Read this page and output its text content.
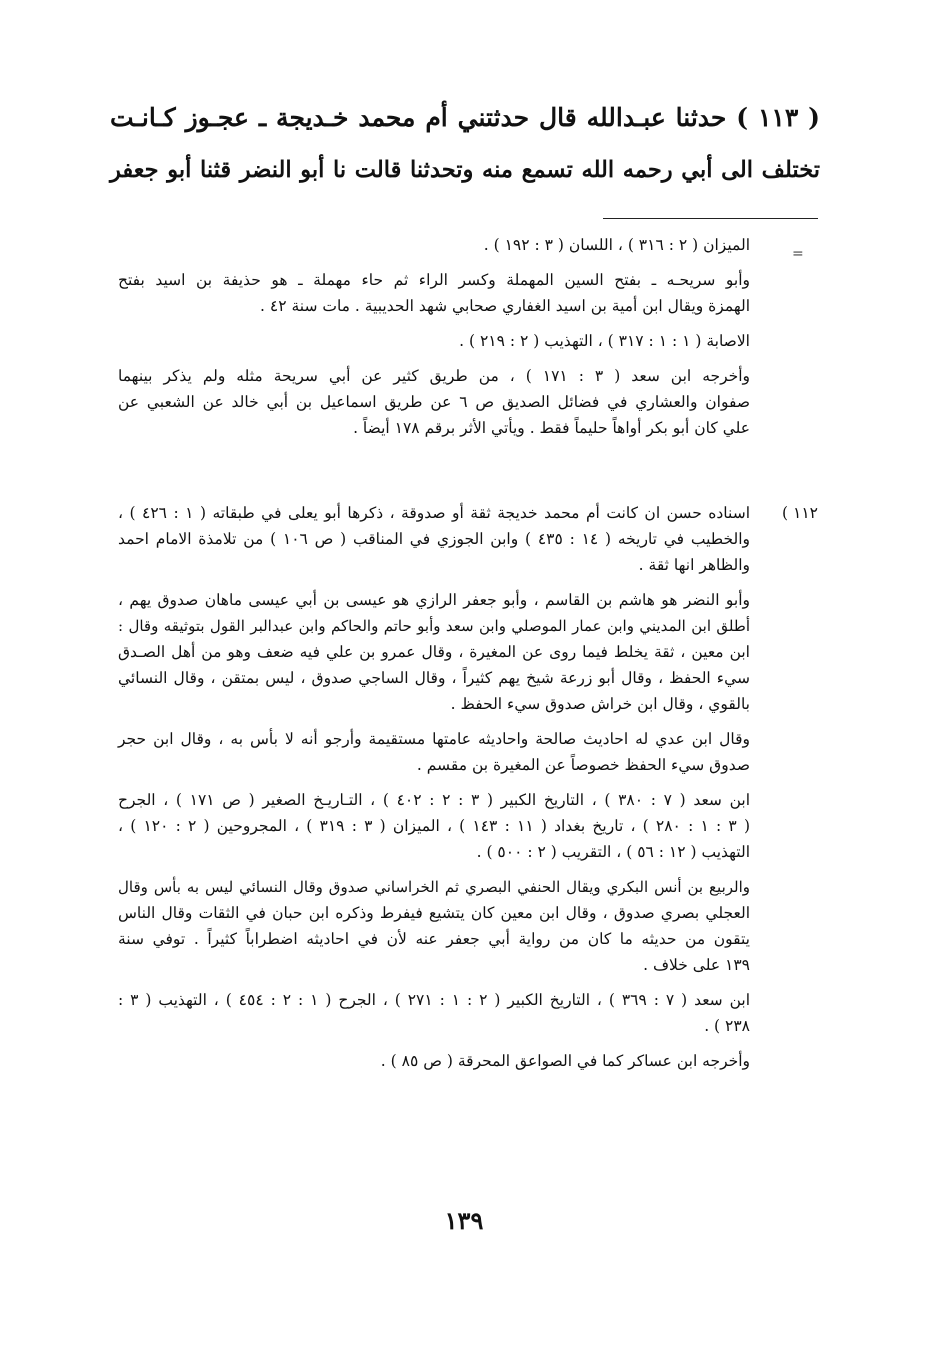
( ١١٣ ) حدثنا عبـدالله قال حدثتني أم محمد خـديجة ـ عجـوز كـانـت
تختلف الى أبي رحمه الله تسمع منه وتحدثنا قالت نا أبو النضر قثنا أبو جعفر
=

الميزان ( ٢ : ٣١٦ ) ، اللسان ( ٣ : ١٩٢ ) .

وأبو سريحـه ـ بفتح السين المهملة وكسر الراء ثم حاء مهملة ـ هو حذيفة بن اسيد بفتح
الهمزة ويقال ابن أمية بن اسيد الغفاري صحابي شهد الحديبية . مات سنة ٤٢ .

الاصابة ( ١ : ١ : ٣١٧ ) ، التهذيب ( ٢ : ٢١٩ ) .

وأخرجه ابن سعد ( ٣ : ١٧١ ) ، من طريق كثير عن أبي سريحة مثله ولم يذكر بينهما
صفوان والعشاري في فضائل الصديق ص ٦ عن طريق اسماعيل بن أبي خالد عن الشعبي عن
علي كان أبو بكر أواهاً حليماً فقط . ويأتي الأثر برقم ١٧٨ أيضاً .

١١٢ )

اسناده حسن ان كانت أم محمد خديجة ثقة أو صدوقة ، ذكرها أبو يعلى في طبقاته ( ١ : ٤٢٦ ) ،
والخطيب في تاريخه ( ١٤ : ٤٣٥ ) وابن الجوزي في المناقب ( ص ١٠٦ ) من تلامذة الامام احمد
والظاهر انها ثقة .

وأبو النضر هو هاشم بن القاسم ، وأبو جعفر الرازي هو عيسى بن أبي عيسى ماهان صدوق يهم ،
أطلق ابن المديني وابن عمار الموصلي وابن سعد وأبو حاتم والحاكم وابن عبدالبر القول بتوثيقه وقال :
ابن معين ، ثقة يخلط فيما روى عن المغيرة ، وقال عمرو بن علي فيه ضعف وهو من أهل الصـدق
سيء الحفظ ، وقال أبو زرعة شيخ يهم كثيراً ، وقال الساجي صدوق ، ليس بمتقن ، وقال النسائي
بالقوي ، وقال ابن خراش صدوق سيء الحفظ .

وقال ابن عدي له احاديث صالحة واحاديثه عامتها مستقيمة وأرجو أنه لا بأس به ، وقال ابن حجر
صدوق سيء الحفظ خصوصاً عن المغيرة بن مقسم .

ابن سعد ( ٧ : ٣٨٠ ) ، التاريخ الكبير ( ٣ : ٢ : ٤٠٢ ) ، التـاريـخ الصغير ( ص ١٧١ ) ، الجرح
( ٣ : ١ : ٢٨٠ ) ، تاريخ بغداد ( ١١ : ١٤٣ ) ، الميزان ( ٣ : ٣١٩ ) ، المجروحين ( ٢ : ١٢٠ ) ،
التهذيب ( ١٢ : ٥٦ ) ، التقريب ( ٢ : ٥٠٠ ) .

والربيع بن أنس البكري ويقال الحنفي البصري ثم الخراساني صدوق وقال النسائي ليس به بأس وقال
العجلي بصري صدوق ، وقال ابن معين كان يتشيع فيفرط وذكره ابن حبان في الثقات وقال الناس
يتقون من حديثه ما كان من رواية أبي جعفر عنه لأن في احاديثه اضطراباً كثيراً . توفي سنة
١٣٩ على خلاف .

ابن سعد ( ٧ : ٣٦٩ ) ، التاريخ الكبير ( ٢ : ١ : ٢٧١ ) ، الجرح ( ١ : ٢ : ٤٥٤ ) ، التهذيب ( ٣ :
٢٣٨ ) .

وأخرجه ابن عساكر كما في الصواعق المحرقة ( ص ٨٥ ) .

١٣٩
